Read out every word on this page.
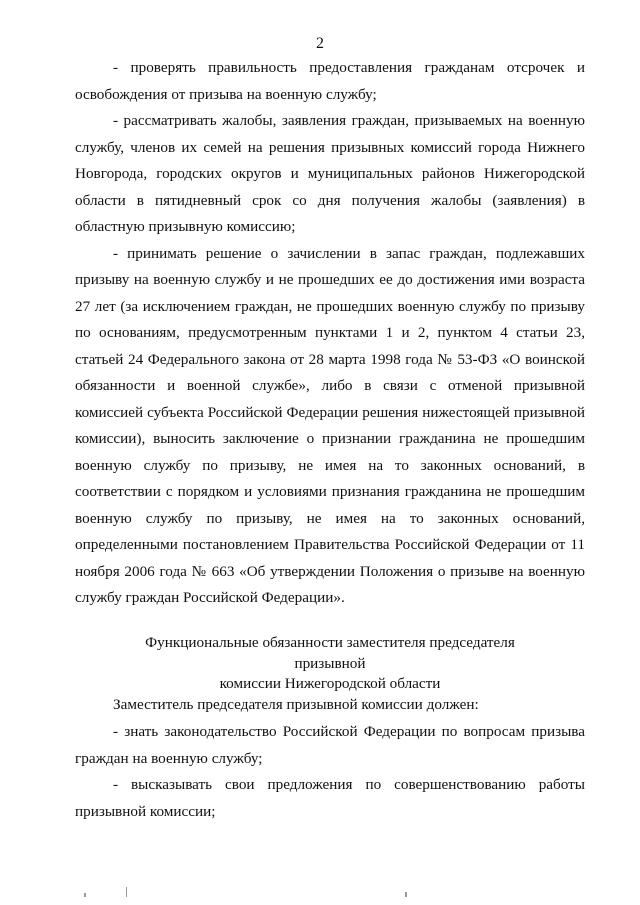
2

- проверять правильность предоставления гражданам отсрочек и освобождения от призыва на военную службу;

- рассматривать жалобы, заявления граждан, призываемых на военную службу, членов их семей на решения призывных комиссий города Нижнего Новгорода, городских округов и муниципальных районов Нижегородской области в пятидневный срок со дня получения жалобы (заявления) в областную призывную комиссию;

- принимать решение о зачислении в запас граждан, подлежавших призыву на военную службу и не прошедших ее до достижения ими возраста 27 лет (за исключением граждан, не прошедших военную службу по призыву по основаниям, предусмотренным пунктами 1 и 2, пунктом 4 статьи 23, статьей 24 Федерального закона от 28 марта 1998 года № 53-ФЗ «О воинской обязанности и военной службе», либо в связи с отменой призывной комиссией субъекта Российской Федерации решения нижестоящей призывной комиссии), выносить заключение о признании гражданина не прошедшим военную службу по призыву, не имея на то законных оснований, в соответствии с порядком и условиями признания гражданина не прошедшим военную службу по призыву, не имея на то законных оснований, определенными постановлением Правительства Российской Федерации от 11 ноября 2006 года № 663 «Об утверждении Положения о призыве на военную службу граждан Российской Федерации».

Функциональные обязанности заместителя председателя призывной
комиссии Нижегородской области

Заместитель председателя призывной комиссии должен:

- знать законодательство Российской Федерации по вопросам призыва граждан на военную службу;

- высказывать свои предложения по совершенствованию работы призывной комиссии;
